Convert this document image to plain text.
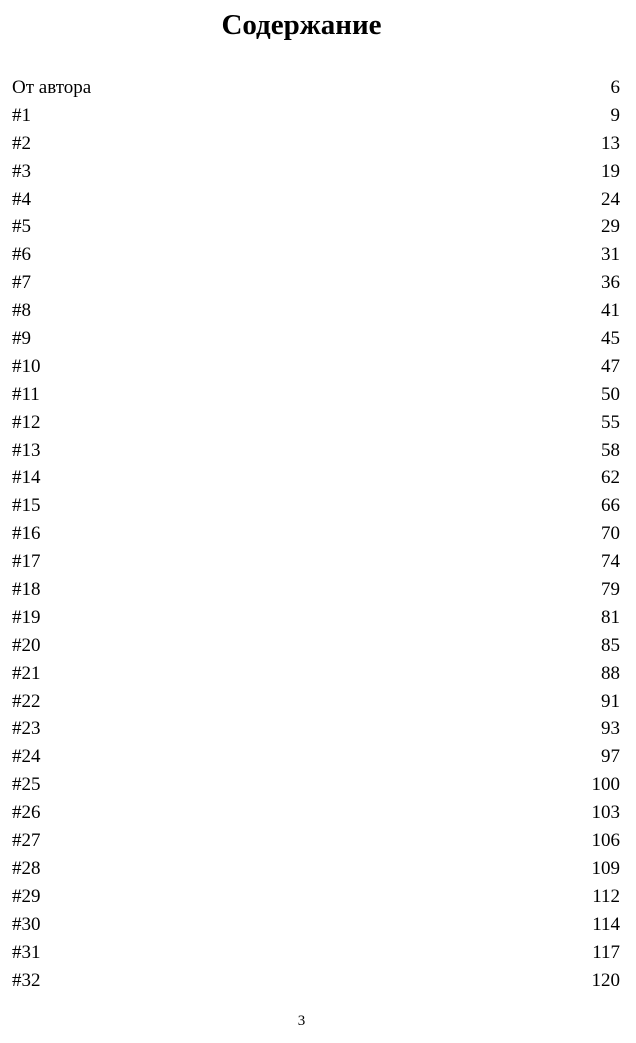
Содержание
От автора	6
#1	9
#2	13
#3	19
#4	24
#5	29
#6	31
#7	36
#8	41
#9	45
#10	47
#11	50
#12	55
#13	58
#14	62
#15	66
#16	70
#17	74
#18	79
#19	81
#20	85
#21	88
#22	91
#23	93
#24	97
#25	100
#26	103
#27	106
#28	109
#29	112
#30	114
#31	117
#32	120
3
